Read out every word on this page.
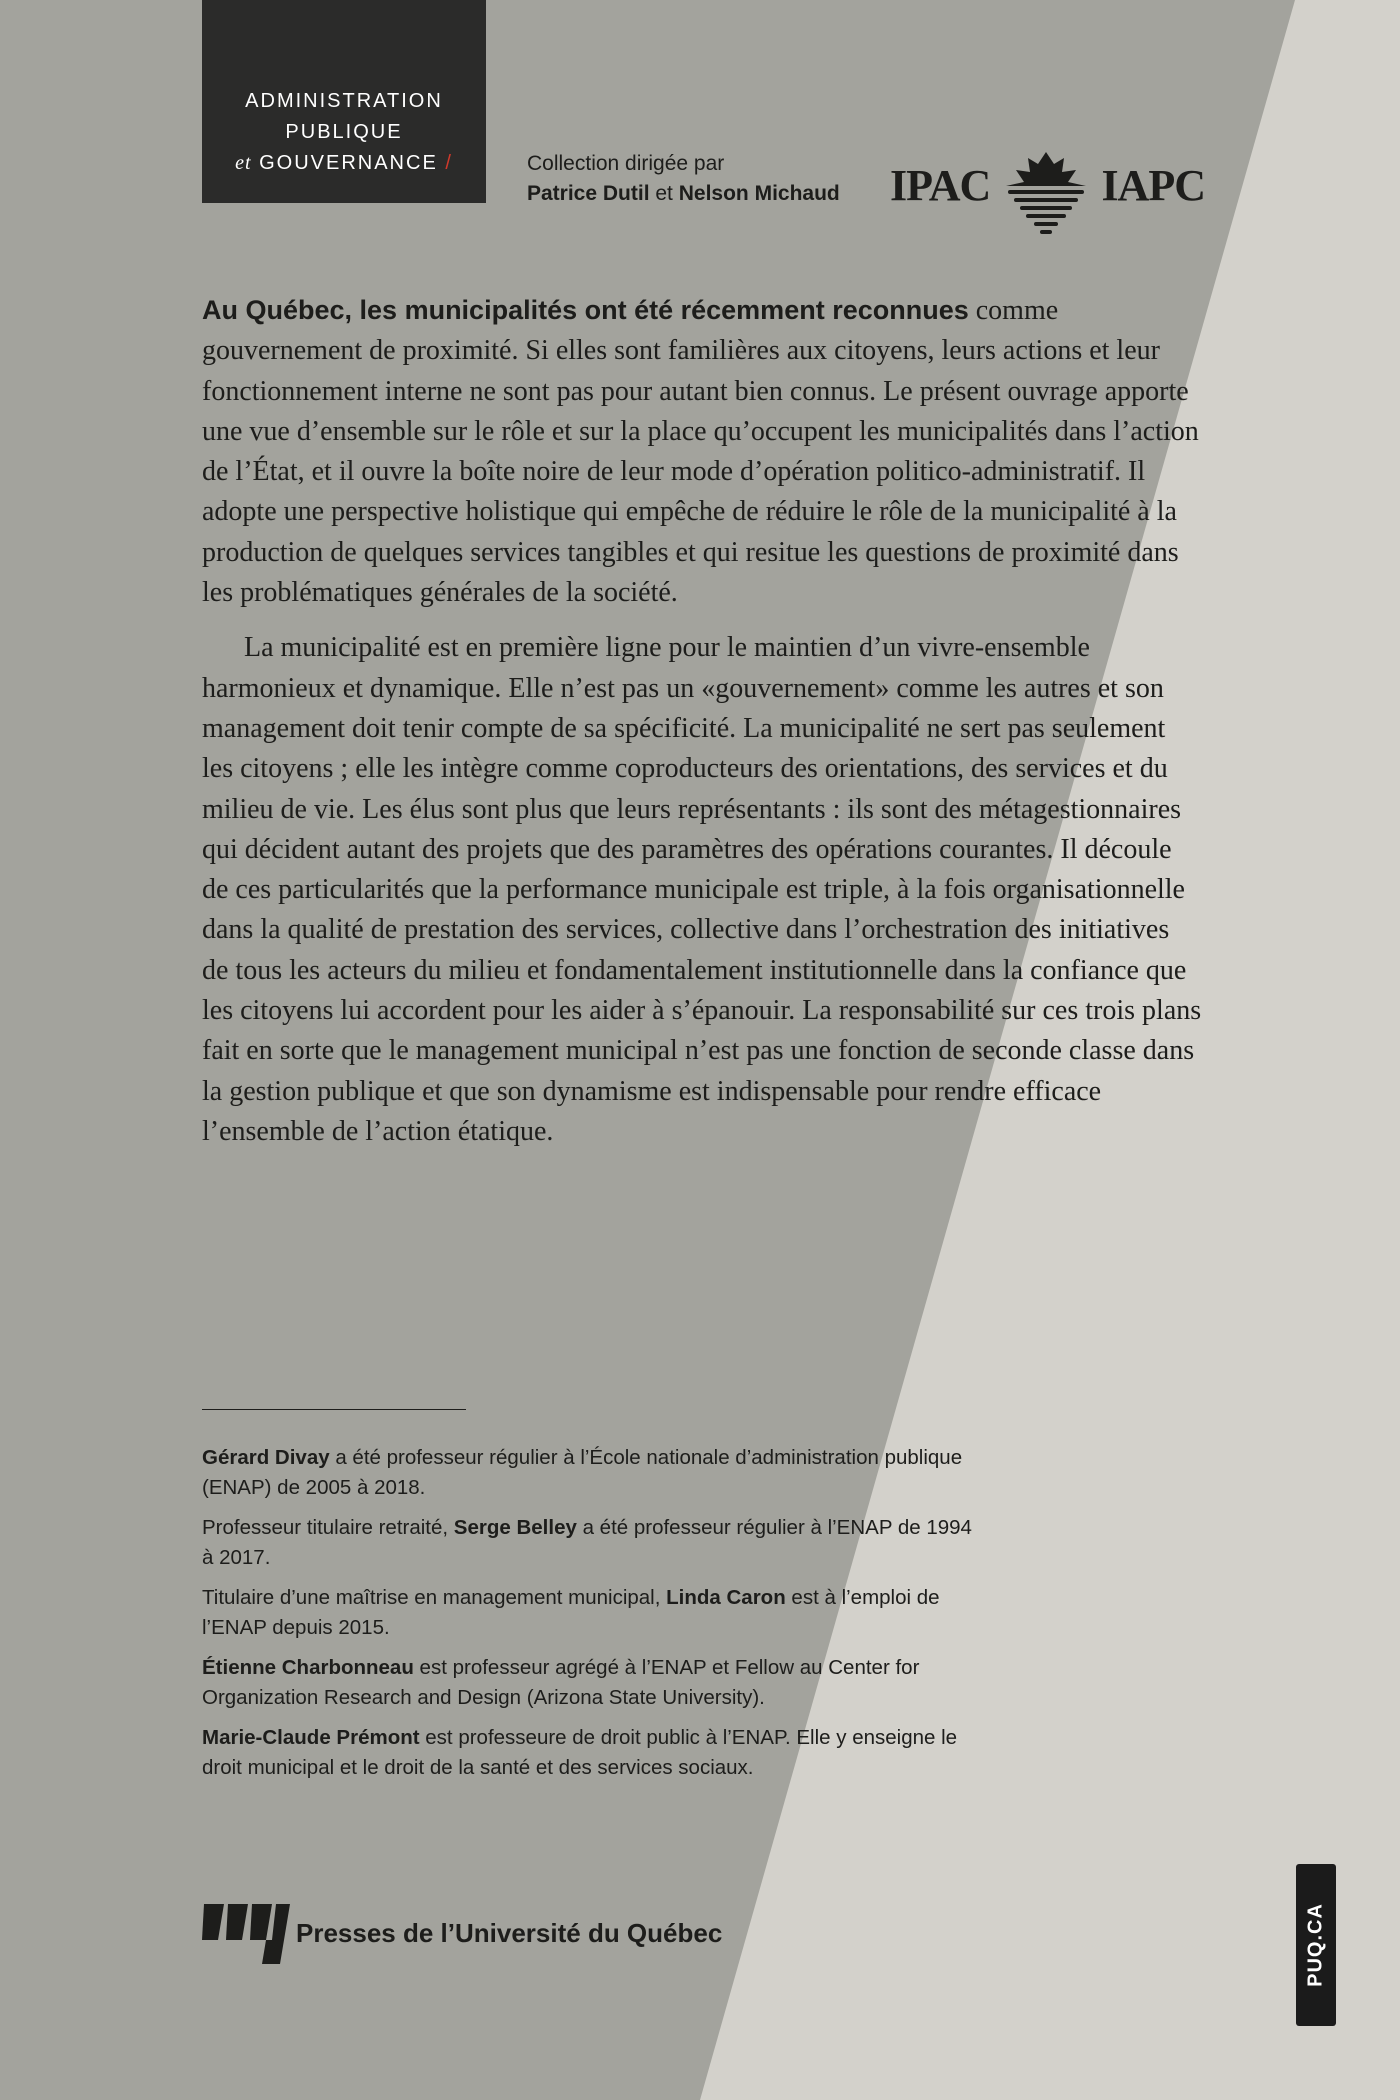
ADMINISTRATION
PUBLIQUE
et GOUVERNANCE /	Collection dirigée par
Patrice Dutil et Nelson Michaud IPAC	IAPC

Au Québec, les municipalités ont été récemment reconnues comme gouvernement de proximité. Si elles sont familières aux citoyens, leurs actions et leur fonctionnement interne ne sont pas pour autant bien connus. Le présent ouvrage apporte une vue d’ensemble sur le rôle et sur la place qu’occupent les municipalités dans l’action de l’État, et il ouvre la boîte noire de leur mode d’opération politico-administratif. Il adopte une perspective holistique qui empêche de réduire le rôle de la municipalité à la production de quelques services tangibles et qui resitue les questions de proximité dans les problématiques générales de la société.

La municipalité est en première ligne pour le maintien d’un vivre-ensemble harmonieux et dynamique. Elle n’est pas un «gouvernement» comme les autres et son management doit tenir compte de sa spécificité. La municipalité ne sert pas seulement les citoyens ; elle les intègre comme coproducteurs des orientations, des services et du milieu de vie. Les élus sont plus que leurs représentants : ils sont des métagestionnaires qui décident autant des projets que des paramètres des opérations courantes. Il découle de ces particularités que la performance municipale est triple, à la fois organisationnelle dans la qualité de prestation des services, collective dans l’orchestration des initiatives de tous les acteurs du milieu et fondamentalement institutionnelle dans la confiance que les citoyens lui accordent pour les aider à s’épanouir. La responsabilité sur ces trois plans fait en sorte que le management municipal n’est pas une fonction de seconde classe dans la gestion publique et que son dynamisme est indispensable pour rendre efficace l’ensemble de l’action étatique.

Gérard Divay a été professeur régulier à l’École nationale d’administration publique (ENAP) de 2005 à 2018.

Professeur titulaire retraité, Serge Belley a été professeur régulier à l’ENAP de 1994 à 2017.

Titulaire d’une maîtrise en management municipal, Linda Caron est à l’emploi de l’ENAP depuis 2015.

Étienne Charbonneau est professeur agrégé à l’ENAP et Fellow au Center for Organization Research and Design (Arizona State University).

Marie-Claude Prémont est professeure de droit public à l’ENAP. Elle y enseigne le droit municipal et le droit de la santé et des services sociaux.

Presses de l’Université du Québec	PUQ.CA
